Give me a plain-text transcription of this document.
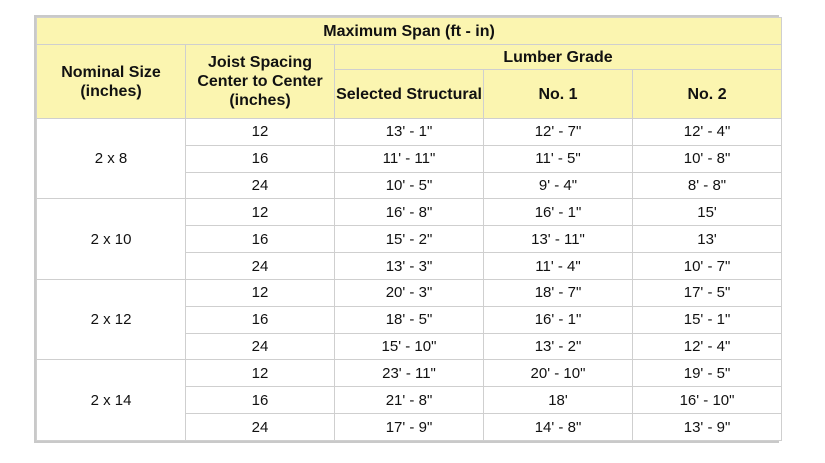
Maximum Span (ft - in)				
Nominal Size (inches)	Joist Spacing Center to Center (inches)	Lumber Grade		
		Selected Structural	No. 1	No. 2
2 x 8	12	13' - 1"	12' - 7"	12' - 4"
	16	11' - 11"	11' - 5"	10' - 8"
	24	10' - 5"	9' - 4"	8' - 8"
2 x 10	12	16' - 8"	16' - 1"	15'
	16	15' - 2"	13' - 11"	13'
	24	13' - 3"	11' - 4"	10' - 7"
2 x 12	12	20' - 3"	18' - 7"	17' - 5"
	16	18' - 5"	16' - 1"	15' - 1"
	24	15' - 10"	13' - 2"	12' - 4"
2 x 14	12	23' - 11"	20' - 10"	19' - 5"
	16	21' - 8"	18'	16' - 10"
	24	17' - 9"	14' - 8"	13' - 9"
